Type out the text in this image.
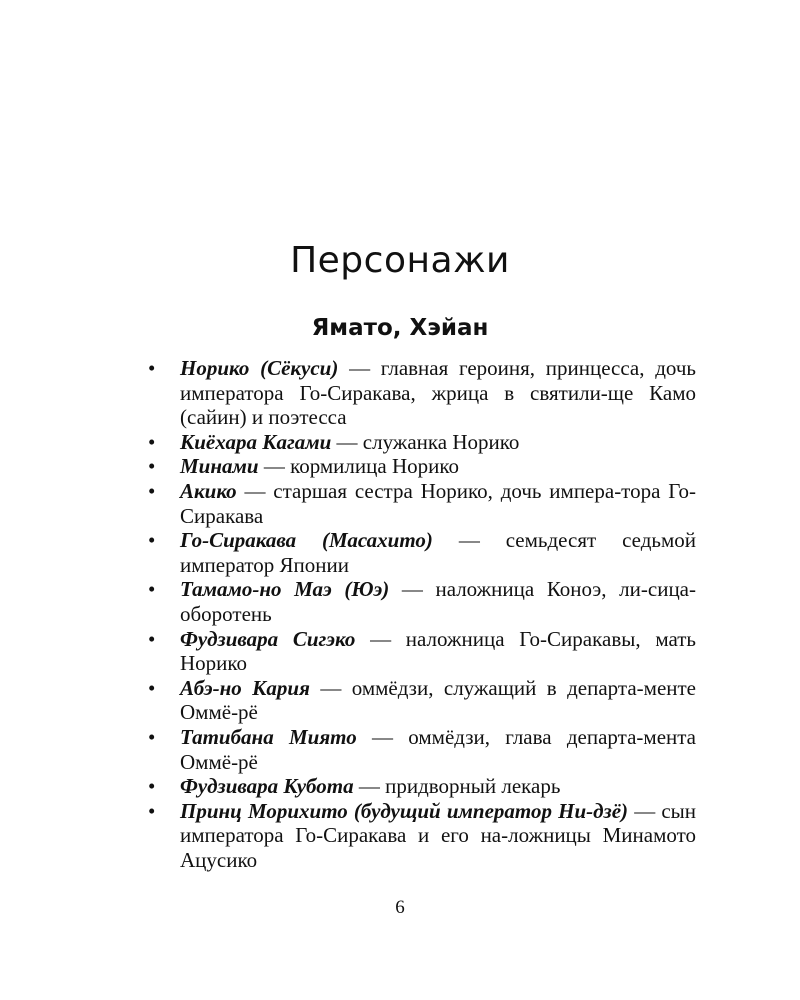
Персонажи
Ямато, Хэйан
• Норико (Сёкуси) — главная героиня, принцесса, дочь императора Го-Сиракава, жрица в святили-ще Камо (сайин) и поэтесса
• Киёхара Кагами — служанка Норико
• Минами — кормилица Норико
• Акико — старшая сестра Норико, дочь импера-тора Го-Сиракава
• Го-Сиракава (Масахито) — семьдесят седьмой император Японии
• Тамамо-но Маэ (Юэ) — наложница Коноэ, ли-сица-оборотень
• Фудзивара Сигэко — наложница Го-Сиракавы, мать Норико
• Абэ-но Кария — оммёдзи, служащий в департа-менте Оммё-рё
• Татибана Миято — оммёдзи, глава департа-мента Оммё-рё
• Фудзивара Кубота — придворный лекарь
• Принц Морихито (будущий император Ни-дзё) — сын императора Го-Сиракава и его на-ложницы Минамото Ацусико
6
